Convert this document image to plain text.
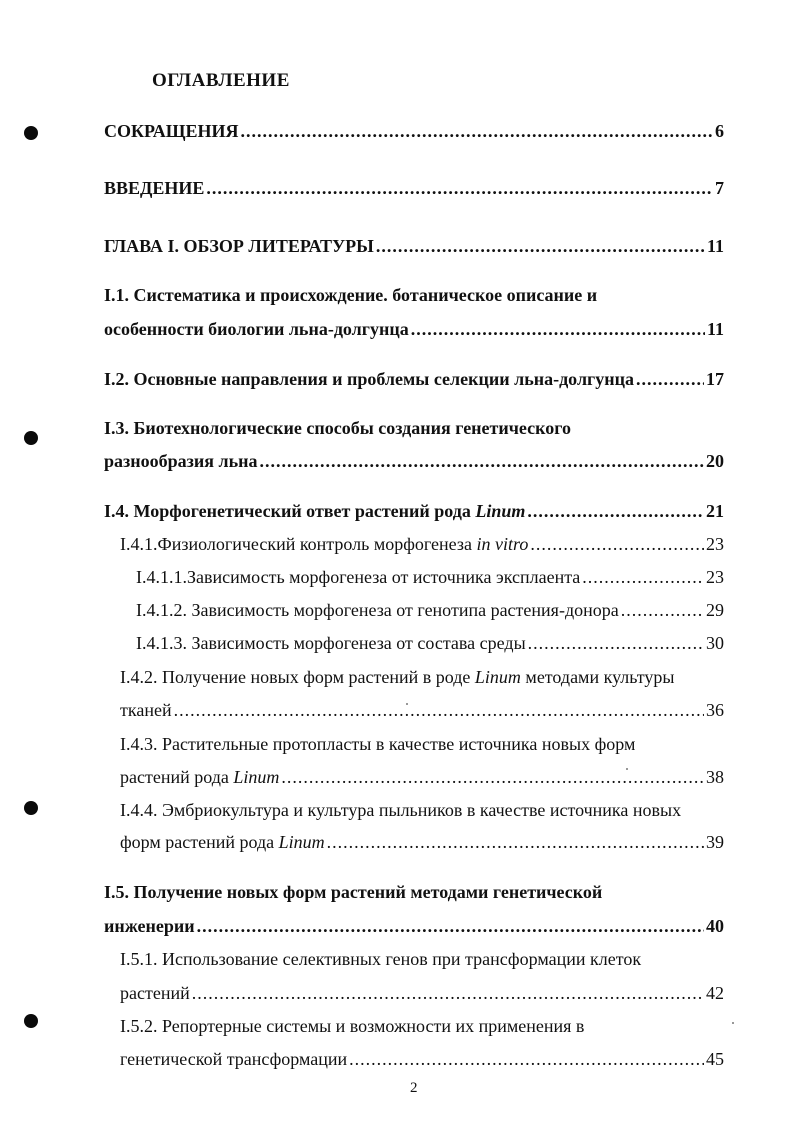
ОГЛАВЛЕНИЕ
СОКРАЩЕНИЯ .....	6
ВВЕДЕНИЕ .....	7
ГЛАВА I. ОБЗОР ЛИТЕРАТУРЫ .....	11
I.1. Систематика и происхождение. ботаническое описание и
особенности биологии льна-долгунца .....	11
I.2. Основные направления и проблемы селекции льна-долгунца .....	17
I.3. Биотехнологические способы создания генетического
разнообразия льна .....	20
I.4. Морфогенетический ответ растений рода Linum .....	21
I.4.1.Физиологический контроль морфогенеза in vitro .....	23
I.4.1.1.Зависимость морфогенеза от источника эксплаента .....	23
I.4.1.2. Зависимость морфогенеза от генотипа растения-донора .....	29
I.4.1.3. Зависимость морфогенеза от состава среды .....	30
I.4.2. Получение новых форм растений в роде Linum методами культуры
тканей .....	36
I.4.3. Растительные протопласты в качестве источника новых форм
растений рода Linum .....	38
I.4.4. Эмбриокультура и культура пыльников в качестве источника новых
форм растений рода Linum .....	39
I.5. Получение новых форм растений методами генетической
инженерии .....	40
I.5.1. Использование селективных генов при трансформации клеток
растений .....	42
I.5.2. Репортерные системы и возможности их применения в
генетической трансформации .....	45
2
